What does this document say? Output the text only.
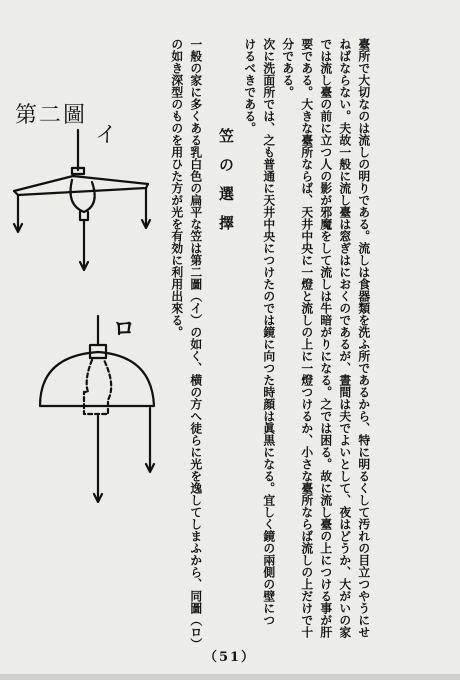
臺所で大切なのは流しの明りである。流しは食器類を洗ふ所であるから、特に明るくして汚れの目立つやうにせ
ねばならない。夫故一般に流し臺は窓ぎはにおくのであるが、晝間は夫でよいとして、夜はどうか、大がいの家
では流し臺の前に立つ人の影が邪魔をして流しは牛暗がりになる。之では困る。故に流し臺の上につける事が肝
要である。大きな臺所ならば、天井中央に一燈と流しの上に一燈つけるか、小さな臺所ならば流しの上だけで十
分である。
次に洗面所では、之も普通に天井中央につけたのでは鏡に向つた時顔は眞黒になる。宜しく鏡の兩側の壁につ
けるべきである。
笠の選擇
一般の家に多くある乳白色の扁平な笠は第二圖（イ）の如く、横の方へ徒らに光を逸してしまふから、同圖（ロ）
の如き深型のものを用ひた方が光を有効に利用出來る。
第二圖
イ
ロ
（51）
